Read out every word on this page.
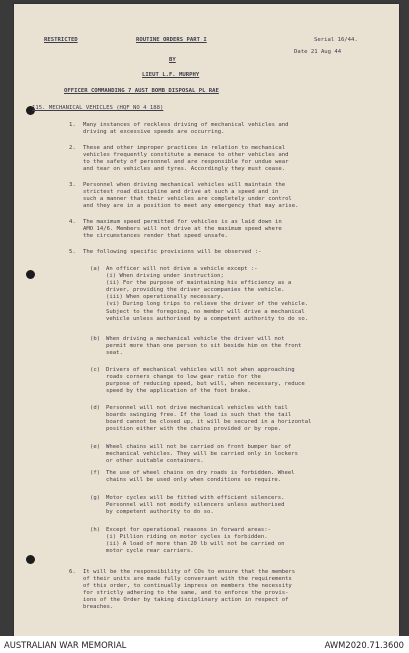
RESTRICTED	ROUTINE ORDERS PART I	Serial 16/44.
Date 21 Aug 44
BY
LIEUT L.F. MURPHY
OFFICER COMMANDING 7 AUST BOMB DISPOSAL PL RAE
115. MECHANICAL VEHICLES (HQF NO 4 188)
1. Many instances of reckless driving of mechanical vehicles and
driving at excessive speeds are occurring.
2. These and other improper practices in relation to mechanical
vehicles frequently constitute a menace to other vehicles and
to the safety of personnel and are responsible for undue wear
and tear on vehicles and tyres. Accordingly they must cease.
3. Personnel when driving mechanical vehicles will maintain the
strictest road discipline and drive at such a speed and in
such a manner that their vehicles are completely under control
and they are in a position to meet any emergency that may arise.
4. The maximum speed permitted for vehicles is as laid down in
AMO 14/6. Members will not drive at the maximum speed where
the circumstances render that speed unsafe.
5. The following specific provisions will be observed :-
(a) An officer will not drive a vehicle except :-
(i) When driving under instruction;
(ii) For the purpose of maintaining his efficiency as a
driver, providing the driver accompanies the vehicle.
(iii) When operationally necessary.
(vi) During long trips to relieve the driver of the vehicle.
Subject to the foregoing, no member will drive a mechanical
vehicle unless authorised by a competent authority to do so.
(b) When driving a mechanical vehicle the driver will not
permit more than one person to sit beside him on the front
seat.
(c) Drivers of mechanical vehicles will not when approaching
roads corners change to low gear ratio for the
purpose of reducing speed, but will, when necessary, reduce
speed by the application of the foot brake.
(d) Personnel will not drive mechanical vehicles with tail
boards swinging free. If the load is such that the tail
board cannot be closed up, it will be secured in a horizontal
position either with the chains provided or by rope.
(e) Wheel chains will not be carried on front bumper bar of
mechanical vehicles. They will be carried only in lockers
or other suitable containers.
(f) The use of wheel chains on dry roads is forbidden. Wheel
chains will be used only when conditions so require.
(g) Motor cycles will be fitted with efficient silencers.
Personnel will not modify silencers unless authorised
by competent authority to do so.
(h) Except for operational reasons in forward areas:-
(i) Pillion riding on motor cycles is forbidden.
(ii) A load of more than 20 lb will not be carried on
motor cycle rear carriers.
6. It will be the responsibility of COs to ensure that the members
of their units are made fully conversant with the requirements
of this order, to continually impress on members the necessity
for strictly adhering to the same, and to enforce the provis-
ions of the Order by taking disciplinary action in respect of
breaches.
AUSTRALIAN WAR MEMORIAL	AWM2020.71.3600
